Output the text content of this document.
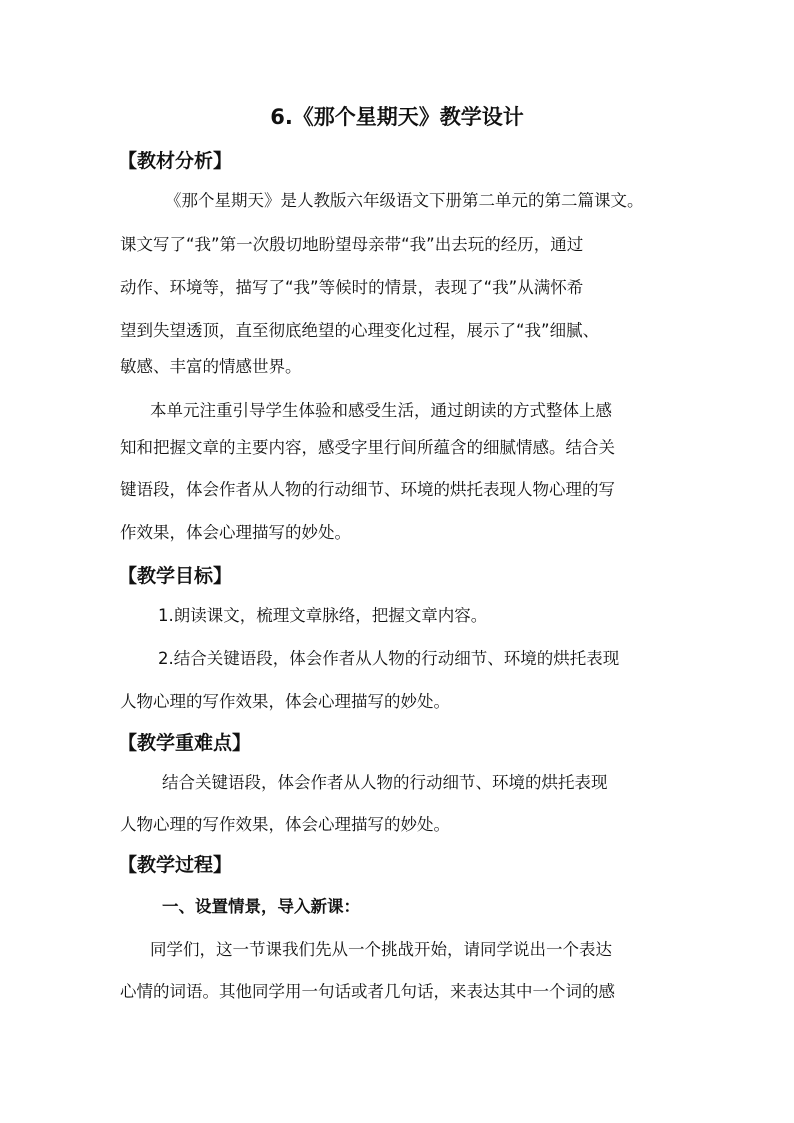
6.《那个星期天》教学设计
【教材分析】
《那个星期天》是人教版六年级语文下册第二单元的第二篇课文。
课文写了“我”第一次殷切地盼望母亲带“我”出去玩的经历，通过
动作、环境等，描写了“我”等候时的情景，表现了“我”从满怀希
望到失望透顶，直至彻底绝望的心理变化过程，展示了“我”细腻、
敏感、丰富的情感世界。
本单元注重引导学生体验和感受生活，通过朗读的方式整体上感
知和把握文章的主要内容，感受字里行间所蕴含的细腻情感。结合关
键语段，体会作者从人物的行动细节、环境的烘托表现人物心理的写
作效果，体会心理描写的妙处。
【教学目标】
1.朗读课文，梳理文章脉络，把握文章内容。
2.结合关键语段，体会作者从人物的行动细节、环境的烘托表现
人物心理的写作效果，体会心理描写的妙处。
【教学重难点】
结合关键语段，体会作者从人物的行动细节、环境的烘托表现
人物心理的写作效果，体会心理描写的妙处。
【教学过程】
一、设置情景，导入新课：
同学们，这一节课我们先从一个挑战开始，请同学说出一个表达
心情的词语。其他同学用一句话或者几句话，来表达其中一个词的感
